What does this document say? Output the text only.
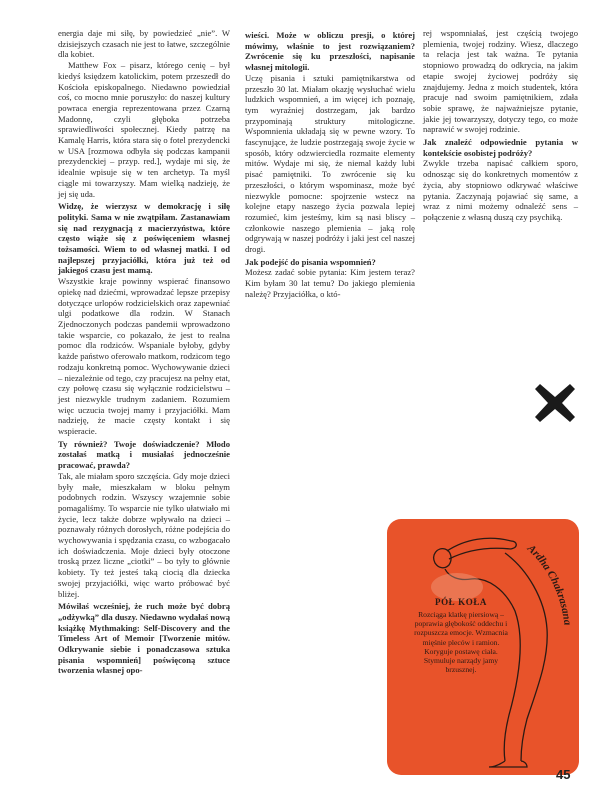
energia daje mi siłę, by powiedzieć „nie”. W dzisiejszych czasach nie jest to łatwe, szczególnie dla kobiet.

Matthew Fox – pisarz, którego cenię – był kiedyś księdzem katolickim, potem przeszedł do Kościoła episkopalnego. Niedawno powiedział coś, co mocno mnie poruszyło: do naszej kultury powraca energia reprezentowana przez Czarną Madonnę, czyli głęboka potrzeba sprawiedliwości społecznej. Kiedy patrzę na Kamalę Harris, która stara się o fotel prezydencki w USA [rozmowa odbyła się podczas kampanii prezydenckiej – przyp. red.], wydaje mi się, że idealnie wpisuje się w ten archetyp. Ta myśl ciągle mi towarzyszy. Mam wielką nadzieję, że jej się uda.

Widzę, że wierzysz w demokrację i siłę polityki. Sama w nie zwątpiłam. Zastanawiam się nad rezygnacją z macierzyństwa, które często wiąże się z poświęceniem własnej tożsamości. Wiem to od własnej matki. I od najlepszej przyjaciółki, która już też od jakiegoś czasu jest mamą.

Wszystkie kraje powinny wspierać finansowo opiekę nad dziećmi, wprowadzać lepsze przepisy dotyczące urlopów rodzicielskich oraz zapewniać ulgi podatkowe dla rodzin. W Stanach Zjednoczonych podczas pandemii wprowadzono takie wsparcie, co pokazało, że jest to realna pomoc dla rodziców. Wspaniale byłoby, gdyby każde państwo oferowało matkom, rodzicom tego rodzaju konkretną pomoc. Wychowywanie dzieci – niezależnie od tego, czy pracujesz na pełny etat, czy połowę czasu się wyłącznie rodzicielstwu – jest niezwykle trudnym zadaniem. Rozumiem więc uczucia twojej mamy i przyjaciółki. Mam nadzieję, że macie częsty kontakt i się wspieracie.

Ty również? Twoje doświadczenie? Młodo zostałaś matką i musiałaś jednocześnie pracować, prawda?

Tak, ale miałam sporo szczęścia. Gdy moje dzieci były małe, mieszkałam w bloku pełnym podobnych rodzin. Wszyscy wzajemnie sobie pomagaliśmy. To wsparcie nie tylko ułatwiało mi życie, lecz także dobrze wpływało na dzieci – poznawały różnych dorosłych, różne podejścia do wychowywania i spędzania czasu, co wzbogacało ich doświadczenia. Moje dzieci były otoczone troską przez liczne „ciotki” – bo tyły to głównie kobiety. Ty też jesteś taką ciocią dla dziecka swojej przyjaciółki, więc warto próbować być bliżej.

Mówiłaś wcześniej, że ruch może być dobrą „odżywką” dla duszy. Niedawno wydałaś nową książkę Mythmaking: Self-Discovery and the Timeless Art of Memoir [Tworzenie mitów. Odkrywanie siebie i ponadczasowa sztuka pisania wspomnień] poświęconą sztuce tworzenia własnej opo-

wieści. Może w obliczu presji, o której mówimy, właśnie to jest rozwiązaniem? Zwrócenie się ku przeszłości, napisanie własnej mitologii.

Uczę pisania i sztuki pamiętnikarstwa od przeszło 30 lat. Miałam okazję wysłuchać wielu ludzkich wspomnień, a im więcej ich poznaję, tym wyraźniej dostrzegam, jak bardzo przypominają struktury mitologiczne. Wspomnienia układają się w pewne wzory. To fascynujące, że ludzie postrzegają swoje życie w sposób, który odzwierciedla rozmaite elementy mitów. Wydaje mi się, że niemal każdy lubi pisać pamiętniki. To zwrócenie się ku przeszłości, o którym wspominasz, może być niezwykle pomocne: spojrzenie wstecz na kolejne etapy naszego życia pozwala lepiej rozumieć, kim jesteśmy, kim są nasi bliscy – członkowie naszego plemienia – jaką rolę odgrywają w naszej podróży i jaki jest cel naszej drogi.

Jak podejść do pisania wspomnień?

Możesz zadać sobie pytania: Kim jestem teraz? Kim byłam 30 lat temu? Do jakiego plemienia należę? Przyjaciółka, o któ-

rej wspomniałaś, jest częścią twojego plemienia, twojej rodziny. Wiesz, dlaczego ta relacja jest tak ważna. Te pytania stopniowo prowadzą do odkrycia, na jakim etapie swojej życiowej podróży się znajdujemy. Jedna z moich studentek, która pracuje nad swoim pamiętnikiem, zdała sobie sprawę, że najważniejsze pytanie, jakie jej towarzyszy, dotyczy tego, co może naprawić w swojej rodzinie.

Jak znaleźć odpowiednie pytania w kontekście osobistej podróży?

Zwykle trzeba napisać całkiem sporo, odnosząc się do konkretnych momentów z życia, aby stopniowo odkrywać właściwe pytania. Zaczynają pojawiać się same, a wraz z nimi możemy odnaleźć sens – połączenie z własną duszą czy psychiką.

Ardha Chakrasana
PÓŁ KOŁA
Rozciąga klatkę piersiową – poprawia głębokość oddechu i rozpuszcza emocje. Wzmacnia mięśnie pleców i ramion. Koryguje postawę ciała. Stymuluje narządy jamy brzusznej.
45
